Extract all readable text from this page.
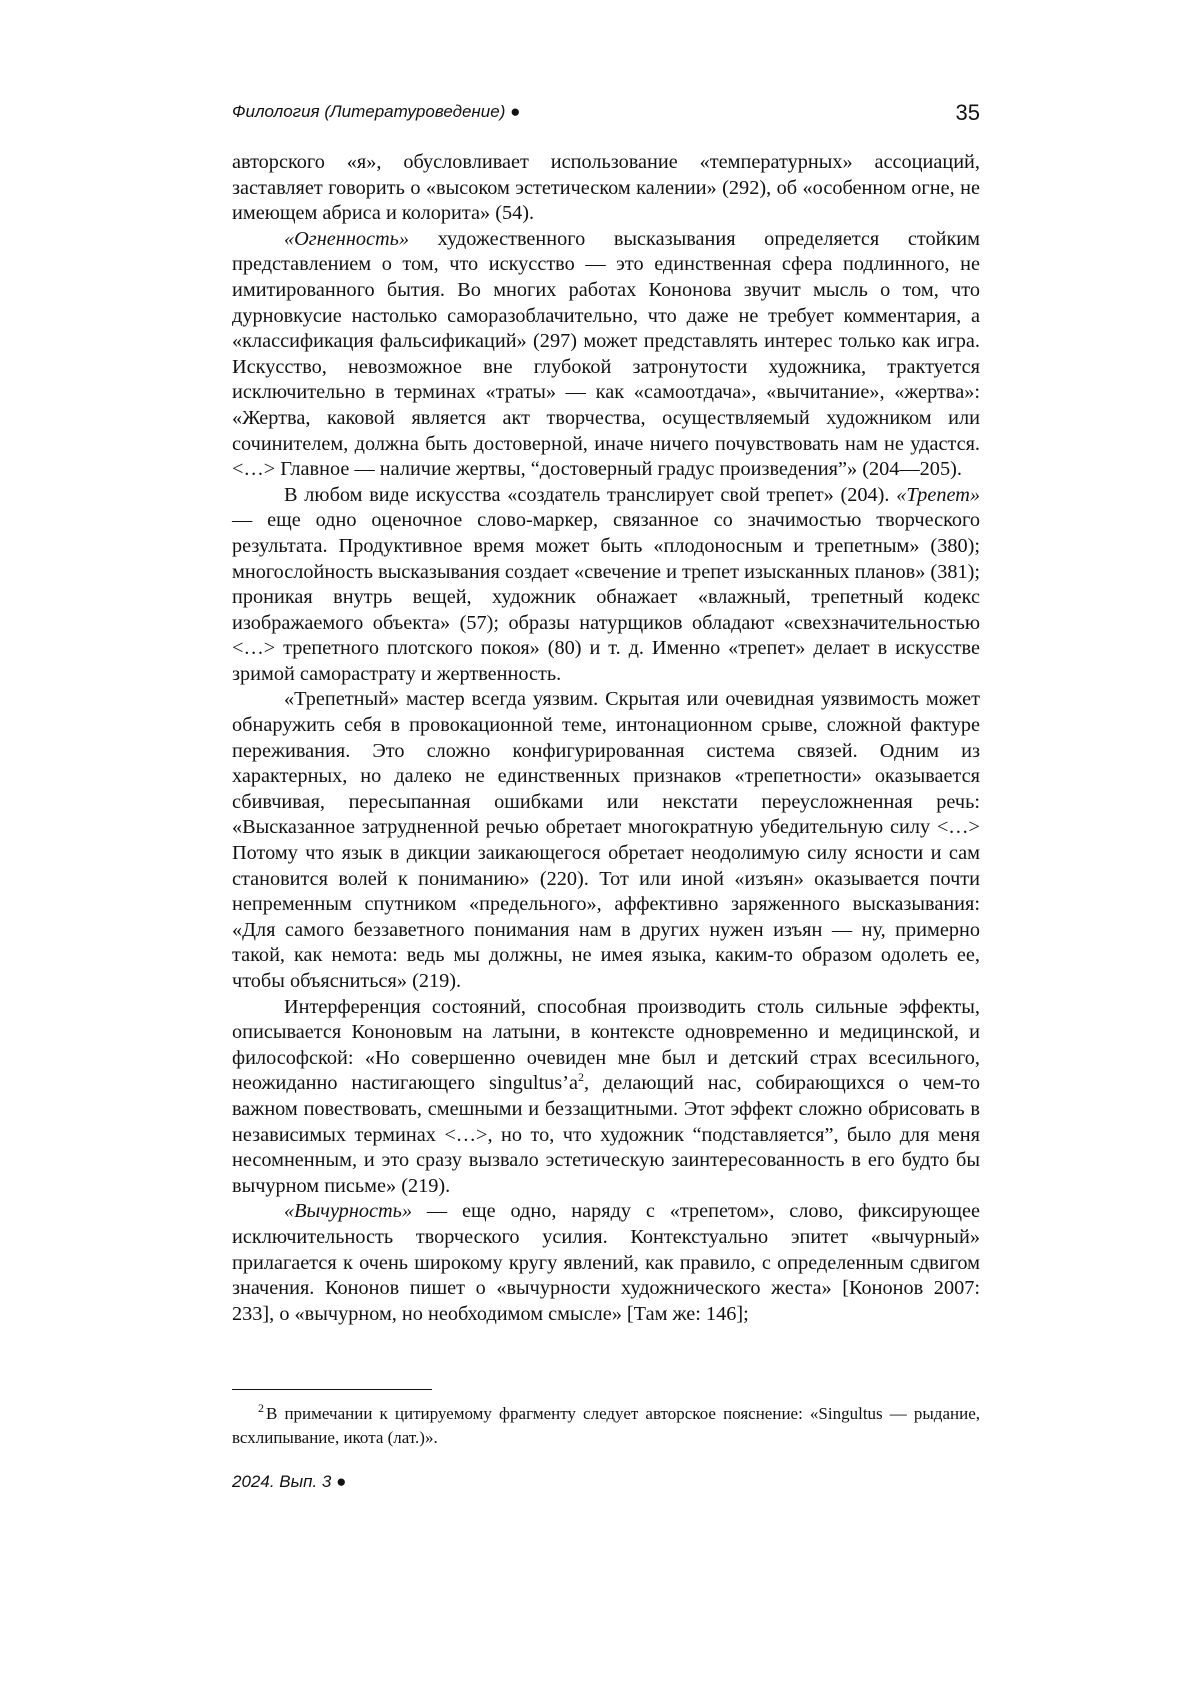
Филология (Литературоведение) ●	35

авторского «я», обусловливает использование «температурных» ассоциаций, заставляет говорить о «высоком эстетическом калении» (292), об «особенном огне, не имеющем абриса и колорита» (54).

«Огненность» художественного высказывания определяется стойким представлением о том, что искусство — это единственная сфера подлинного, не имитированного бытия. Во многих работах Кононова звучит мысль о том, что дурновкусие настолько саморазоблачительно, что даже не требует комментария, а «классификация фальсификаций» (297) может представлять интерес только как игра. Искусство, невозможное вне глубокой затронутости художника, трактуется исключительно в терминах «траты» — как «самоотдача», «вычитание», «жертва»: «Жертва, каковой является акт творчества, осуществляемый художником или сочинителем, должна быть достоверной, иначе ничего почувствовать нам не удастся. <…> Главное — наличие жертвы, “достоверный градус произведения”» (204—205).

В любом виде искусства «создатель транслирует свой трепет» (204). «Трепет» — еще одно оценочное слово-маркер, связанное со значимостью творческого результата. Продуктивное время может быть «плодоносным и трепетным» (380); многослойность высказывания создает «свечение и трепет изысканных планов» (381); проникая внутрь вещей, художник обнажает «влажный, трепетный кодекс изображаемого объекта» (57); образы натурщиков обладают «свехзначительностью <…> трепетного плотского покоя» (80) и т. д. Именно «трепет» делает в искусстве зримой саморастрату и жертвенность.

«Трепетный» мастер всегда уязвим. Скрытая или очевидная уязвимость может обнаружить себя в провокационной теме, интонационном срыве, сложной фактуре переживания. Это сложно конфигурированная система связей. Одним из характерных, но далеко не единственных признаков «трепетности» оказывается сбивчивая, пересыпанная ошибками или некстати переусложненная речь: «Высказанное затрудненной речью обретает многократную убедительную силу <…> Потому что язык в дикции заикающегося обретает неодолимую силу ясности и сам становится волей к пониманию» (220). Тот или иной «изъян» оказывается почти непременным спутником «предельного», аффективно заряженного высказывания: «Для самого беззаветного понимания нам в других нужен изъян — ну, примерно такой, как немота: ведь мы должны, не имея языка, каким-то образом одолеть ее, чтобы объясниться» (219).

Интерференция состояний, способная производить столь сильные эффекты, описывается Кононовым на латыни, в контексте одновременно и медицинской, и философской: «Но совершенно очевиден мне был и детский страх всесильного, неожиданно настигающего singultus’a2, делающий нас, собирающихся о чем-то важном повествовать, смешными и беззащитными. Этот эффект сложно обрисовать в независимых терминах <…>, но то, что художник “подставляется”, было для меня несомненным, и это сразу вызвало эстетическую заинтересованность в его будто бы вычурном письме» (219).

«Вычурность» — еще одно, наряду с «трепетом», слово, фиксирующее исключительность творческого усилия. Контекстуально эпитет «вычурный» прилагается к очень широкому кругу явлений, как правило, с определенным сдвигом значения. Кононов пишет о «вычурности художнического жеста» [Кононов 2007: 233], о «вычурном, но необходимом смысле» [Там же: 146];

2 В примечании к цитируемому фрагменту следует авторское пояснение: «Singultus — рыдание, всхлипывание, икота (лат.)».

2024. Вып. 3 ●
